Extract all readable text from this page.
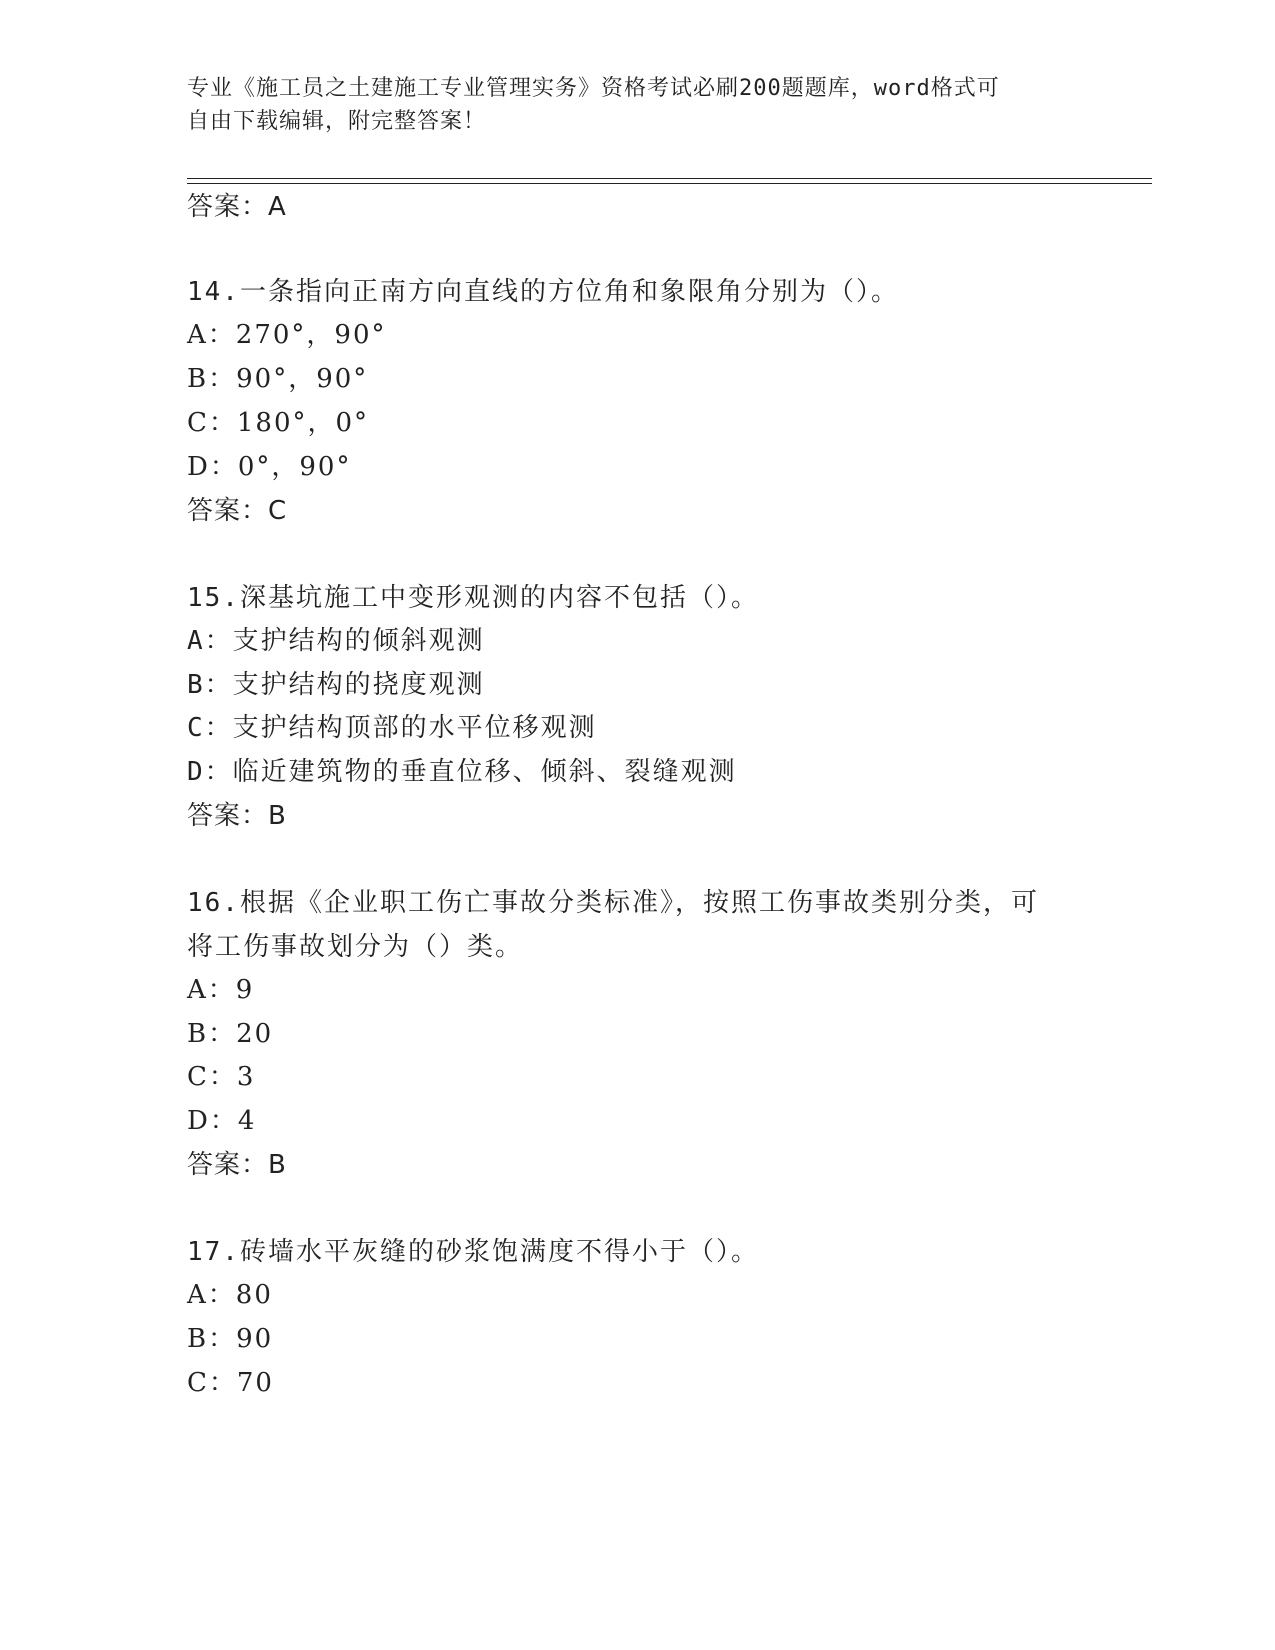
专业《施工员之土建施工专业管理实务》资格考试必刷200题题库，word格式可
自由下载编辑，附完整答案！
答案：A
14.一条指向正南方向直线的方位角和象限角分别为（）。
A：270°，90°
B：90°，90°
C：180°，0°
D：0°，90°
答案：C
15.深基坑施工中变形观测的内容不包括（）。
A：支护结构的倾斜观测
B：支护结构的挠度观测
C：支护结构顶部的水平位移观测
D：临近建筑物的垂直位移、倾斜、裂缝观测
答案：B
16.根据《企业职工伤亡事故分类标准》，按照工伤事故类别分类，可
将工伤事故划分为（）类。
A：9
B：20
C：3
D：4
答案：B
17.砖墙水平灰缝的砂浆饱满度不得小于（）。
A：80
B：90
C：70
